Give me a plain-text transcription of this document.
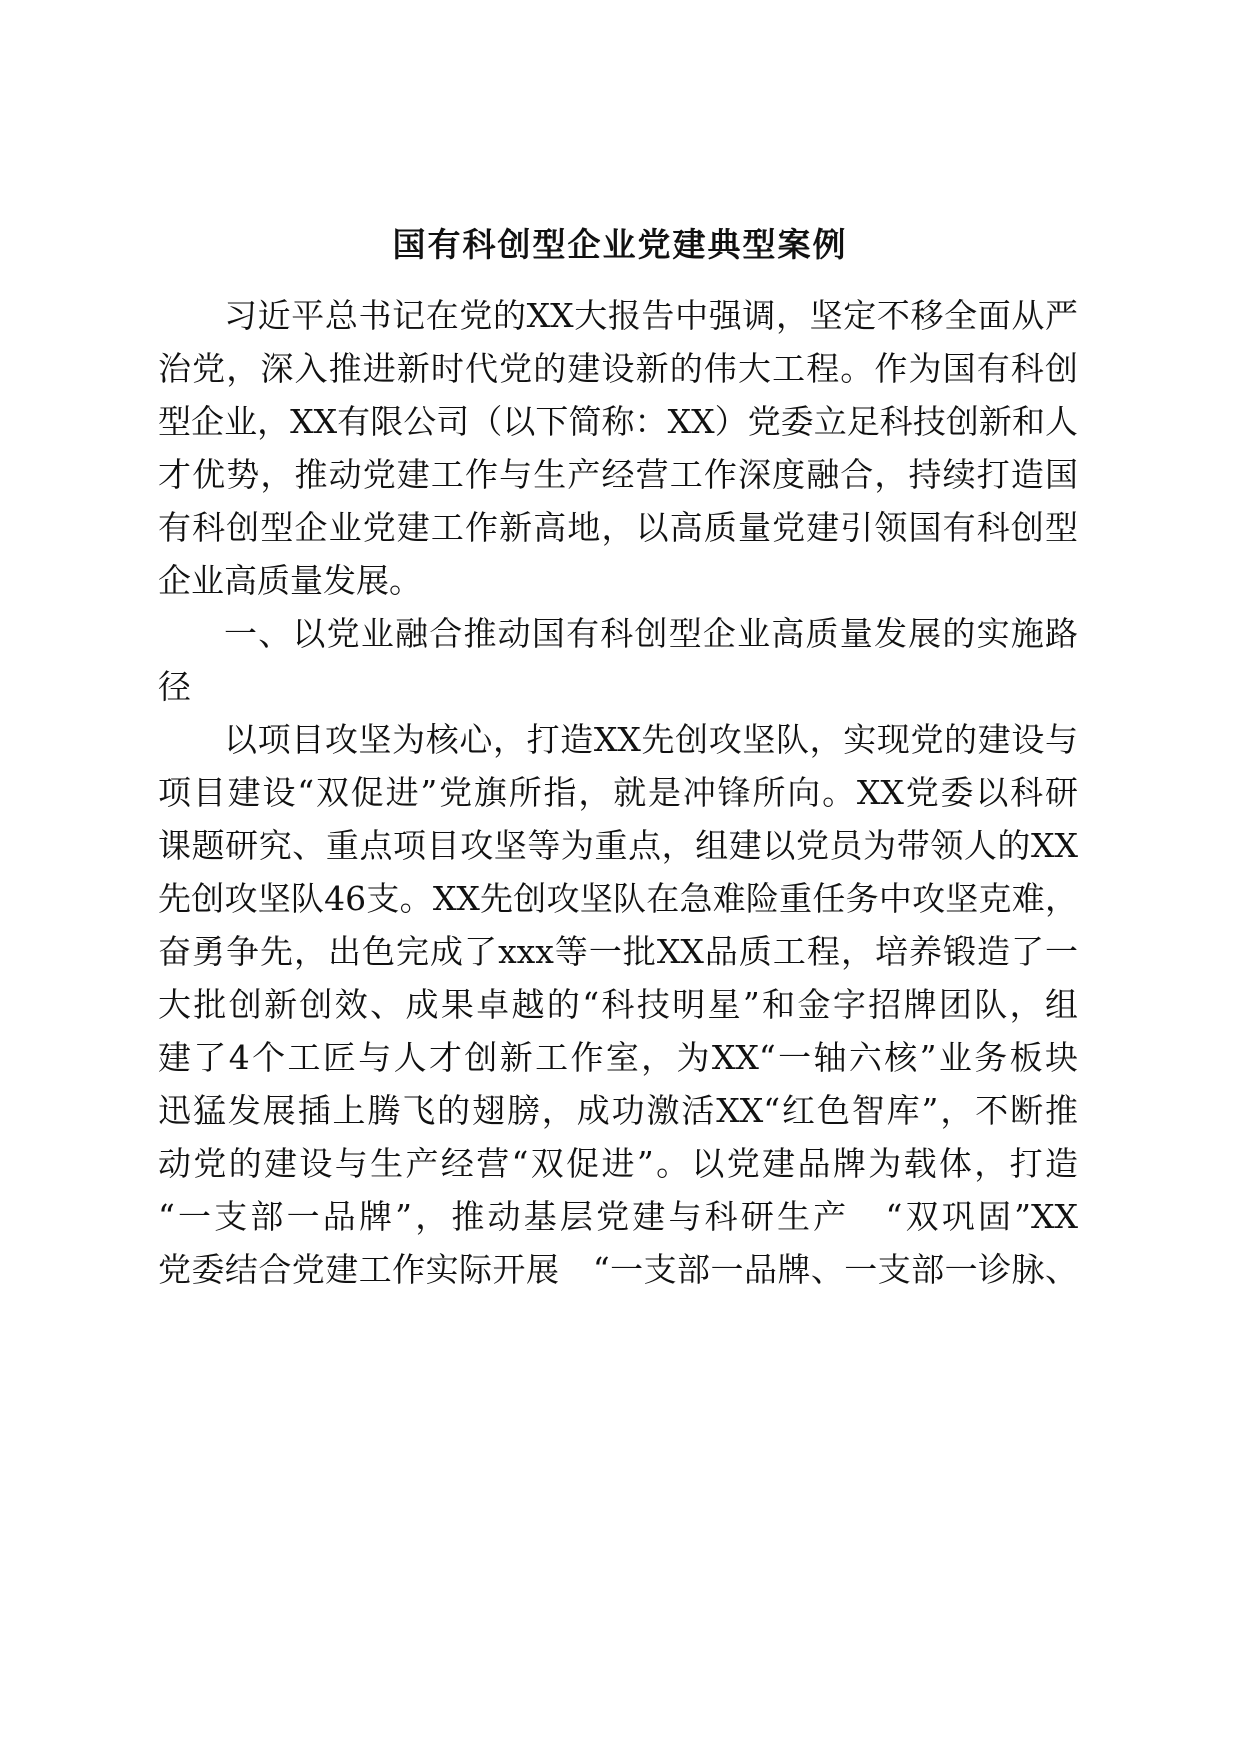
国有科创型企业党建典型案例
习近平总书记在党的XX大报告中强调，坚定不移全面从严
治党，深入推进新时代党的建设新的伟大工程。作为国有科创
型企业，XX有限公司（以下简称：XX）党委立足科技创新和人
才优势，推动党建工作与生产经营工作深度融合，持续打造国
有科创型企业党建工作新高地，以高质量党建引领国有科创型
企业高质量发展。
一、以党业融合推动国有科创型企业高质量发展的实施路
径
以项目攻坚为核心，打造XX先创攻坚队，实现党的建设与
项目建设“双促进”党旗所指，就是冲锋所向。XX党委以科研
课题研究、重点项目攻坚等为重点，组建以党员为带领人的XX
先创攻坚队46支。XX先创攻坚队在急难险重任务中攻坚克难，
奋勇争先，出色完成了xxx等一批XX品质工程，培养锻造了一
大批创新创效、成果卓越的“科技明星”和金字招牌团队，组
建了4个工匠与人才创新工作室，为XX“一轴六核”业务板块
迅猛发展插上腾飞的翅膀，成功激活XX“红色智库”，不断推
动党的建设与生产经营“双促进”。以党建品牌为载体，打造
“一支部一品牌”，推动基层党建与科研生产　“双巩固”XX
党委结合党建工作实际开展　“一支部一品牌、一支部一诊脉、
